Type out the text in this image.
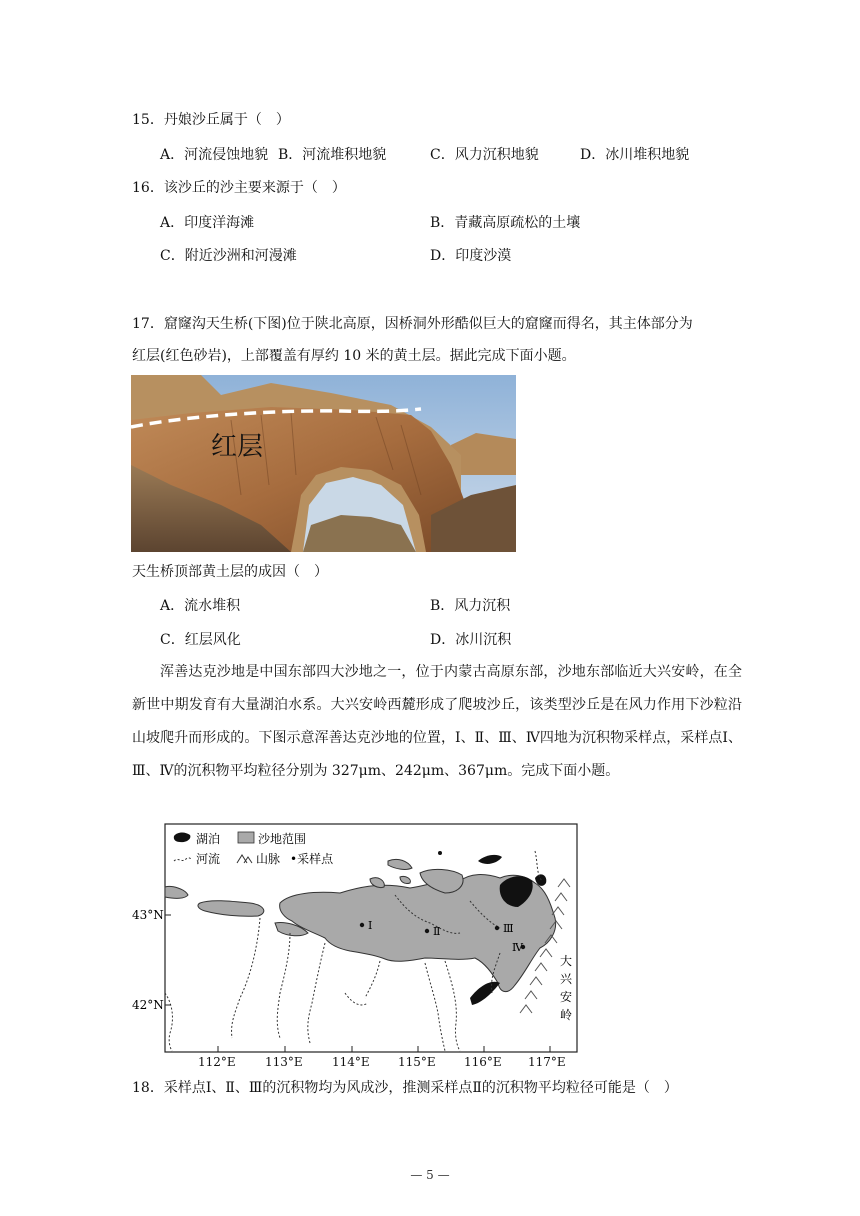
15．丹娘沙丘属于（　）
A．河流侵蚀地貌 B．河流堆积地貌	C．风力沉积地貌	D．冰川堆积地貌
16．该沙丘的沙主要来源于（　）
A．印度洋海滩	B．青藏高原疏松的土壤
C．附近沙洲和河漫滩	D．印度沙漠
17．窟窿沟天生桥(下图)位于陕北高原，因桥洞外形酷似巨大的窟窿而得名，其主体部分为
红层(红色砂岩)，上部覆盖有厚约 10 米的黄土层。据此完成下面小题。
红层
天生桥顶部黄土层的成因（　）
A．流水堆积	B．风力沉积
C．红层风化	D．冰川沉积
浑善达克沙地是中国东部四大沙地之一，位于内蒙古高原东部，沙地东部临近大兴安岭，在全新世中期发育有大量湖泊水系。大兴安岭西麓形成了爬坡沙丘，该类型沙丘是在风力作用下沙粒沿山坡爬升而形成的。下图示意浑善达克沙地的位置，Ⅰ、Ⅱ、Ⅲ、Ⅳ四地为沉积物采样点，采样点Ⅰ、Ⅲ、Ⅳ的沉积物平均粒径分别为 327μm、242μm、367μm。完成下面小题。
湖泊	沙地范围
河流	山脉 •采样点
Ⅰ	Ⅱ	Ⅲ
Ⅳ
大
兴
安
岭
43°N
42°N
112°E 113°E 114°E 115°E 116°E 117°E
18．采样点Ⅰ、Ⅱ、Ⅲ的沉积物均为风成沙，推测采样点Ⅱ的沉积物平均粒径可能是（　）
— 5 —
